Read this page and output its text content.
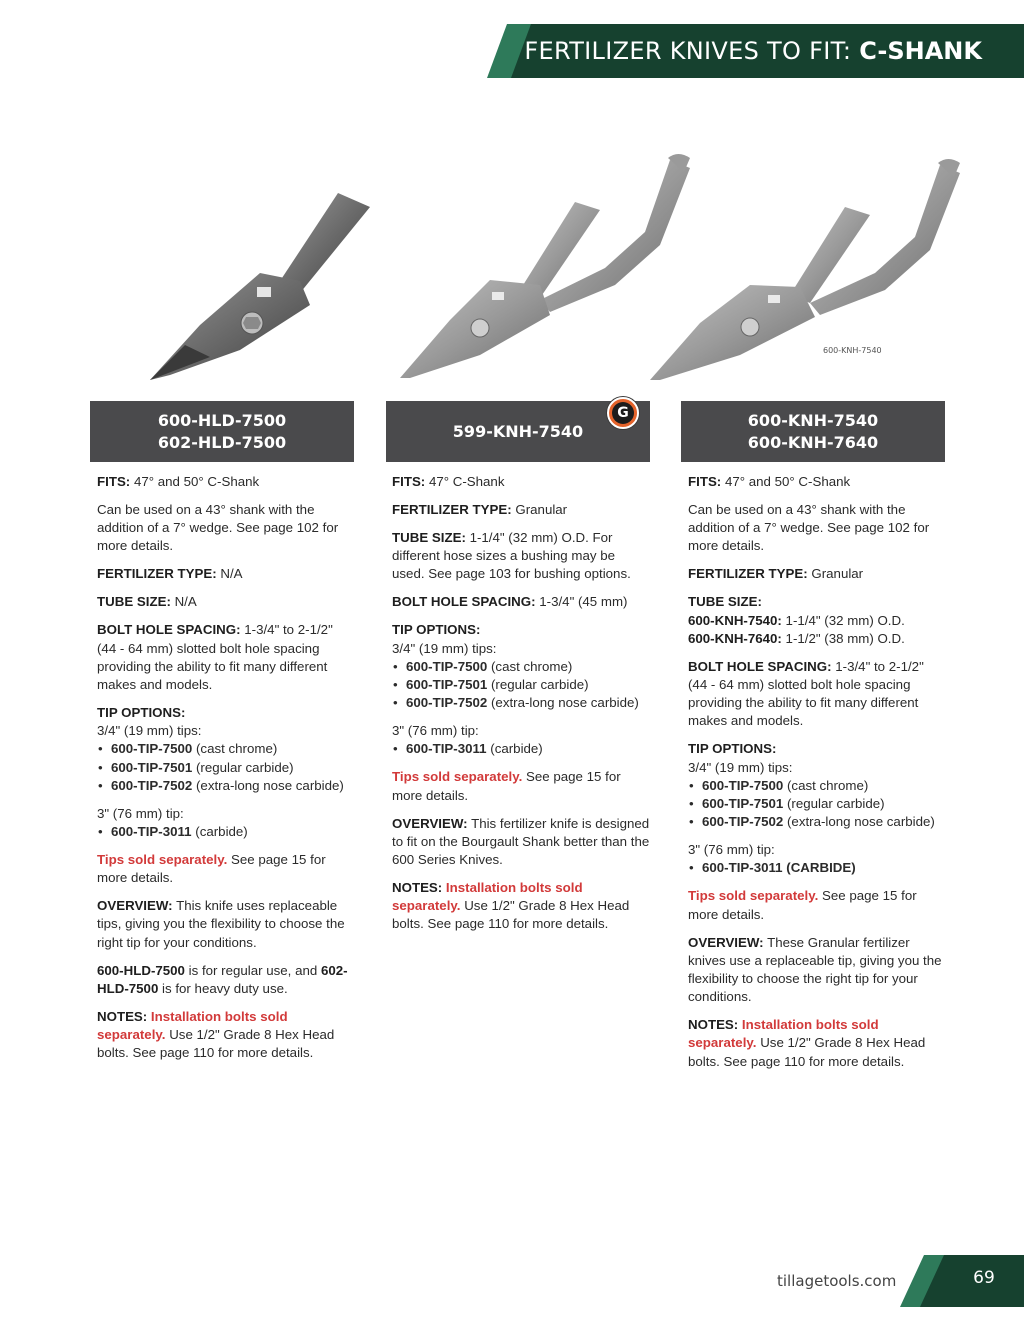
FERTILIZER KNIVES TO FIT: C-SHANK
600-KNH-7540
600-HLD-7500
602-HLD-7500
599-KNH-7540
G	600-KNH-7540
600-KNH-7640

FITS: 47° and 50° C-Shank

Can be used on a 43° shank with the addition of a 7° wedge. See page 102 for more details.

FERTILIZER TYPE: N/A

TUBE SIZE: N/A

BOLT HOLE SPACING: 1-3/4" to 2-1/2" (44 - 64 mm) slotted bolt hole spacing providing the ability to fit many different makes and models.

TIP OPTIONS:
3/4" (19 mm) tips:
• 600-TIP-7500 (cast chrome)
• 600-TIP-7501 (regular carbide)
• 600-TIP-7502 (extra-long nose carbide)
3" (76 mm) tip:
• 600-TIP-3011 (carbide)

Tips sold separately. See page 15 for more details.

OVERVIEW: This knife uses replaceable tips, giving you the flexibility to choose the right tip for your conditions.

600-HLD-7500 is for regular use, and 602-HLD-7500 is for heavy duty use.

NOTES: Installation bolts sold separately. Use 1/2" Grade 8 Hex Head bolts. See page 110 for more details.

FITS: 47° C-Shank

FERTILIZER TYPE: Granular

TUBE SIZE: 1-1/4" (32 mm) O.D. For different hose sizes a bushing may be used. See page 103 for bushing options.

BOLT HOLE SPACING: 1-3/4" (45 mm)

TIP OPTIONS:
3/4" (19 mm) tips:
• 600-TIP-7500 (cast chrome)
• 600-TIP-7501 (regular carbide)
• 600-TIP-7502 (extra-long nose carbide)
3" (76 mm) tip:
• 600-TIP-3011 (carbide)

Tips sold separately. See page 15 for more details.

OVERVIEW: This fertilizer knife is designed to fit on the Bourgault Shank better than the 600 Series Knives.

NOTES: Installation bolts sold separately. Use 1/2" Grade 8 Hex Head bolts. See page 110 for more details.

FITS: 47° and 50° C-Shank

Can be used on a 43° shank with the addition of a 7° wedge. See page 102 for more details.

FERTILIZER TYPE: Granular

TUBE SIZE:
600-KNH-7540: 1-1/4" (32 mm) O.D.
600-KNH-7640: 1-1/2" (38 mm) O.D.

BOLT HOLE SPACING: 1-3/4" to 2-1/2" (44 - 64 mm) slotted bolt hole spacing providing the ability to fit many different makes and models.

TIP OPTIONS:
3/4" (19 mm) tips:
• 600-TIP-7500 (cast chrome)
• 600-TIP-7501 (regular carbide)
• 600-TIP-7502 (extra-long nose carbide)
3" (76 mm) tip:
• 600-TIP-3011 (CARBIDE)

Tips sold separately. See page 15 for more details.

OVERVIEW: These Granular fertilizer knives use a replaceable tip, giving you the flexibility to choose the right tip for your conditions.

NOTES: Installation bolts sold separately. Use 1/2" Grade 8 Hex Head bolts. See page 110 for more details.

tillagetools.com	69
